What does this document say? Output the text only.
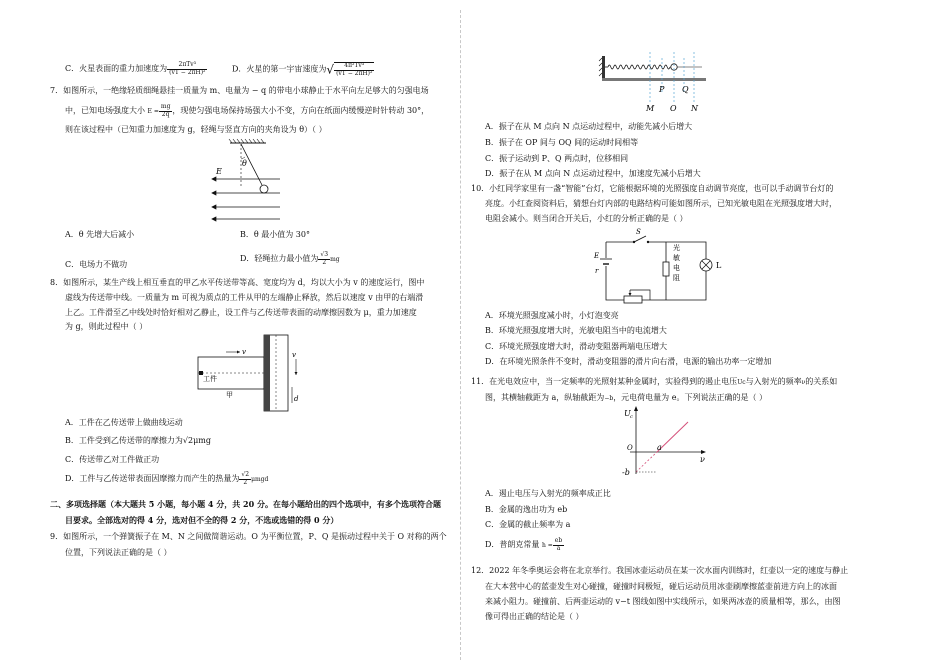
C．火星表面的重力加速度为 $\frac{\text{2πTv³}}{\text{(vT − 2πH)²}}$	D．火星的第一宇宙速度为√ $\frac{\text{4π²Tv³}}{\text{(vT − 2πH)²}}$
7．如图所示，一绝缘轻质细绳悬挂一质量为 m、电量为 − q 的带电小球静止于水平向左足够大的匀强电场
中，已知电场强度大小 $E = \frac{mg}{2q}$ ，现使匀强电场保持场强大小不变，方向在纸面内缓慢逆时针转动 30°，
则在该过程中（已知重力加速度为 g，轻绳与竖直方向的夹角设为 θ）（ ）
θ
E
A．θ 先增大后减小	B．θ 最小值为 30°
C．电场力不做功
D．轻绳拉力最小值为 $\frac{√3}{2}$ mg
8．如图所示，某生产线上相互垂直的甲乙水平传送带等高、宽度均为 d，均以大小为 v 的速度运行，图中
虚线为传送带中线。一质量为 m 可视为质点的工件从甲的左端静止释放，然后以速度 v 由甲的右端滑
上乙。工件滑至乙中线处时恰好相对乙静止，设工件与乙传送带表面的动摩擦因数为 μ，重力加速度
为 g，则此过程中（ ）
工件
甲
v	v
d
A．工件在乙传送带上做曲线运动
B．工件受到乙传送带的摩擦力为√2μmg
C．传送带乙对工件做正功
D．工件与乙传送带表面因摩擦力而产生的热量为 $\frac{√2}{2}$ μmgd
二、多项选择题（本大题共 5 小题，每小题 4 分，共 20 分。在每小题给出的四个选项中，有多个选项符合题
目要求。全部选对的得 4 分，选对但不全的得 2 分，不选或选错的得 0 分）
9．如图所示，一个弹簧振子在 M、N 之间做简谐运动。O 为平衡位置，P、Q 是振动过程中关于 O 对称的两个
位置，下列说法正确的是（ ）
P Q
M O N
A．振子在从 M 点向 N 点运动过程中，动能先减小后增大
B．振子在 OP 间与 OQ 间的运动时间相等
C．振子运动到 P、Q 两点时，位移相同
D．振子在从 M 点向 N 点运动过程中，加速度先减小后增大
10．小红同学家里有一盏“智能”台灯，它能根据环境的光照强度自动调节亮度，也可以手动调节台灯的
亮度。小红查阅资料后，猜想台灯内部的电路结构可能如图所示，已知光敏电阻在光照强度增大时，
电阻会减小。则当闭合开关后，小红的分析正确的是（ ）
S
E
r
光
敏
电
阻
L
A．环境光照强度减小时，小灯泡变亮
B．环境光照强度增大时，光敏电阻当中的电流增大
C．环境光照强度增大时，滑动变阻器两端电压增大
D．在环境光照条件不变时，滑动变阻器的滑片向右滑，电源的输出功率一定增加
11．在光电效应中，当一定频率的光照射某种金属时，实验得到的遏止电压Uc与入射光的频率ν的关系如
图，其横轴截距为 a，纵轴截距为−b，元电荷电量为 e。下列说法正确的是（ ）
U c
O	a
ν
-b
A．遏止电压与入射光的频率成正比
B．金属的逸出功为 eb
C．金属的截止频率为 a
D．普朗克常量 $h = \frac{eb}{a}$
12．2022 年冬季奥运会将在北京举行。我国冰壶运动员在某一次水面内训练时，红壶以一定的速度与静止
在大本营中心的蓝壶发生对心碰撞，碰撞时间极短，碰后运动员用冰壶刷摩擦蓝壶前进方向上的冰面
来减小阻力。碰撞前、后两壶运动的 v−t 图线如图中实线所示，如果两冰壶的质量相等，那么，由图
像可得出正确的结论是（ ）
